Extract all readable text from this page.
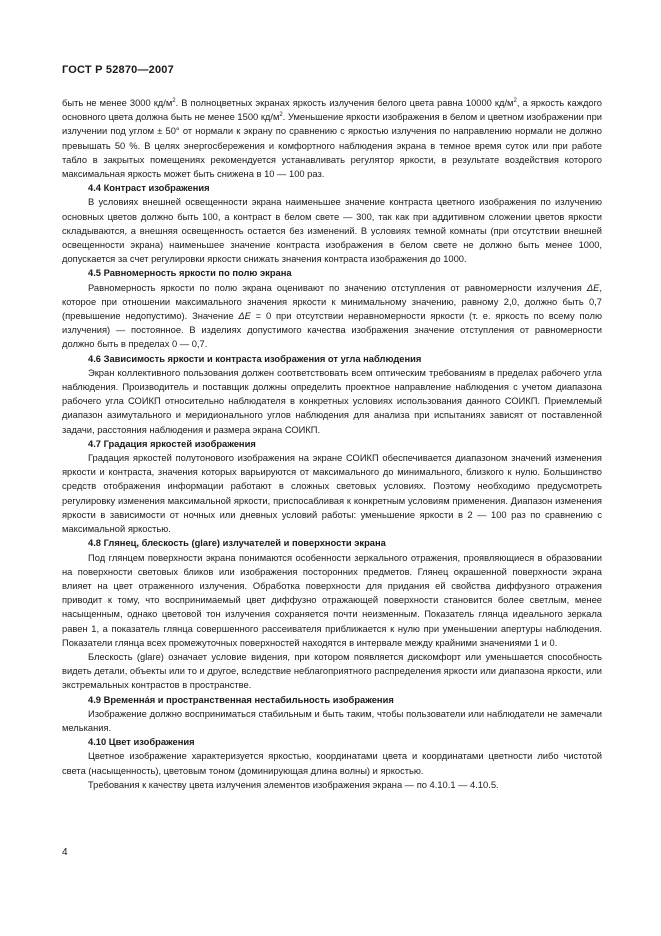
ГОСТ Р 52870—2007
быть не менее 3000 $кд/м^2$. В полноцветных экранах яркость излучения белого цвета равна 10000 $кд/м^2$, а яркость каждого основного цвета должна быть не менее 1500 $кд/м^2$. Уменьшение яркости изображения в белом и цветном изображении при излучении под углом ± 50° от нормали к экрану по сравнению с яркостью излучения по направлению нормали не должно превышать 50 %. В целях энергосбережения и комфортного наблюдения экрана в темное время суток или при работе табло в закрытых помещениях рекомендуется устанавливать регулятор яркости, в результате воздействия которого максимальная яркость может быть снижена в 10 — 100 раз.
4.4 Контраст изображения
В условиях внешней освещенности экрана наименьшее значение контраста цветного изображения по излучению основных цветов должно быть 100, а контраст в белом свете — 300, так как при аддитивном сложении цветов яркости складываются, а внешняя освещенность остается без изменений. В условиях темной комнаты (при отсутствии внешней освещенности экрана) наименьшее значение контраста изображения в белом свете не должно быть менее 1000, допускается за счет регулировки яркости снижать значения контраста изображения до 1000.
4.5 Равномерность яркости по полю экрана
Равномерность яркости по полю экрана оценивают по значению отступления от равномерности излучения ΔE, которое при отношении максимального значения яркости к минимальному значению, равному 2,0, должно быть 0,7 (превышение недопустимо). Значение ΔE = 0 при отсутствии неравномерности яркости (т. е. яркость по всему полю излучения) — постоянное. В изделиях допустимого качества изображения значение отступления от равномерности должно быть в пределах 0 — 0,7.
4.6 Зависимость яркости и контраста изображения от угла наблюдения
Экран коллективного пользования должен соответствовать всем оптическим требованиям в пределах рабочего угла наблюдения. Производитель и поставщик должны определить проектное направление наблюдения с учетом диапазона рабочего угла СОИКП относительно наблюдателя в конкретных условиях использования данного СОИКП. Приемлемый диапазон азимутального и меридионального углов наблюдения для анализа при испытаниях зависят от поставленной задачи, расстояния наблюдения и размера экрана СОИКП.
4.7 Градация яркостей изображения
Градация яркостей полутонового изображения на экране СОИКП обеспечивается диапазоном значений изменения яркости и контраста, значения которых варьируются от максимального до минимального, близкого к нулю. Большинство средств отображения информации работают в сложных световых условиях. Поэтому необходимо предусмотреть регулировку изменения максимальной яркости, приспосабливая к конкретным условиям применения. Диапазон изменения яркости в зависимости от ночных или дневных условий работы: уменьшение яркости в 2 — 100 раз по сравнению с максимальной яркостью.
4.8 Глянец, блескость (glare) излучателей и поверхности экрана
Под глянцем поверхности экрана понимаются особенности зеркального отражения, проявляющиеся в образовании на поверхности световых бликов или изображения посторонних предметов. Глянец окрашенной поверхности экрана влияет на цвет отраженного излучения. Обработка поверхности для придания ей свойства диффузного отражения приводит к тому, что воспринимаемый цвет диффузно отражающей поверхности становится более светлым, менее насыщенным, однако цветовой тон излучения сохраняется почти неизменным. Показатель глянца идеального зеркала равен 1, а показатель глянца совершенного рассеивателя приближается к нулю при уменьшении апертуры наблюдения. Показатели глянца всех промежуточных поверхностей находятся в интервале между крайними значениями 1 и 0.
Блескость (glare) означает условие видения, при котором появляется дискомфорт или уменьшается способность видеть детали, объекты или то и другое, вследствие неблагоприятного распределения яркости или диапазона яркости, или экстремальных контрастов в пространстве.
4.9 Временна́я и пространственная нестабильность изображения
Изображение должно восприниматься стабильным и быть таким, чтобы пользователи или наблюдатели не замечали мелькания.
4.10 Цвет изображения
Цветное изображение характеризуется яркостью, координатами цвета и координатами цветности либо чистотой света (насыщенность), цветовым тоном (доминирующая длина волны) и яркостью.
Требования к качеству цвета излучения элементов изображения экрана — по 4.10.1 — 4.10.5.
4
